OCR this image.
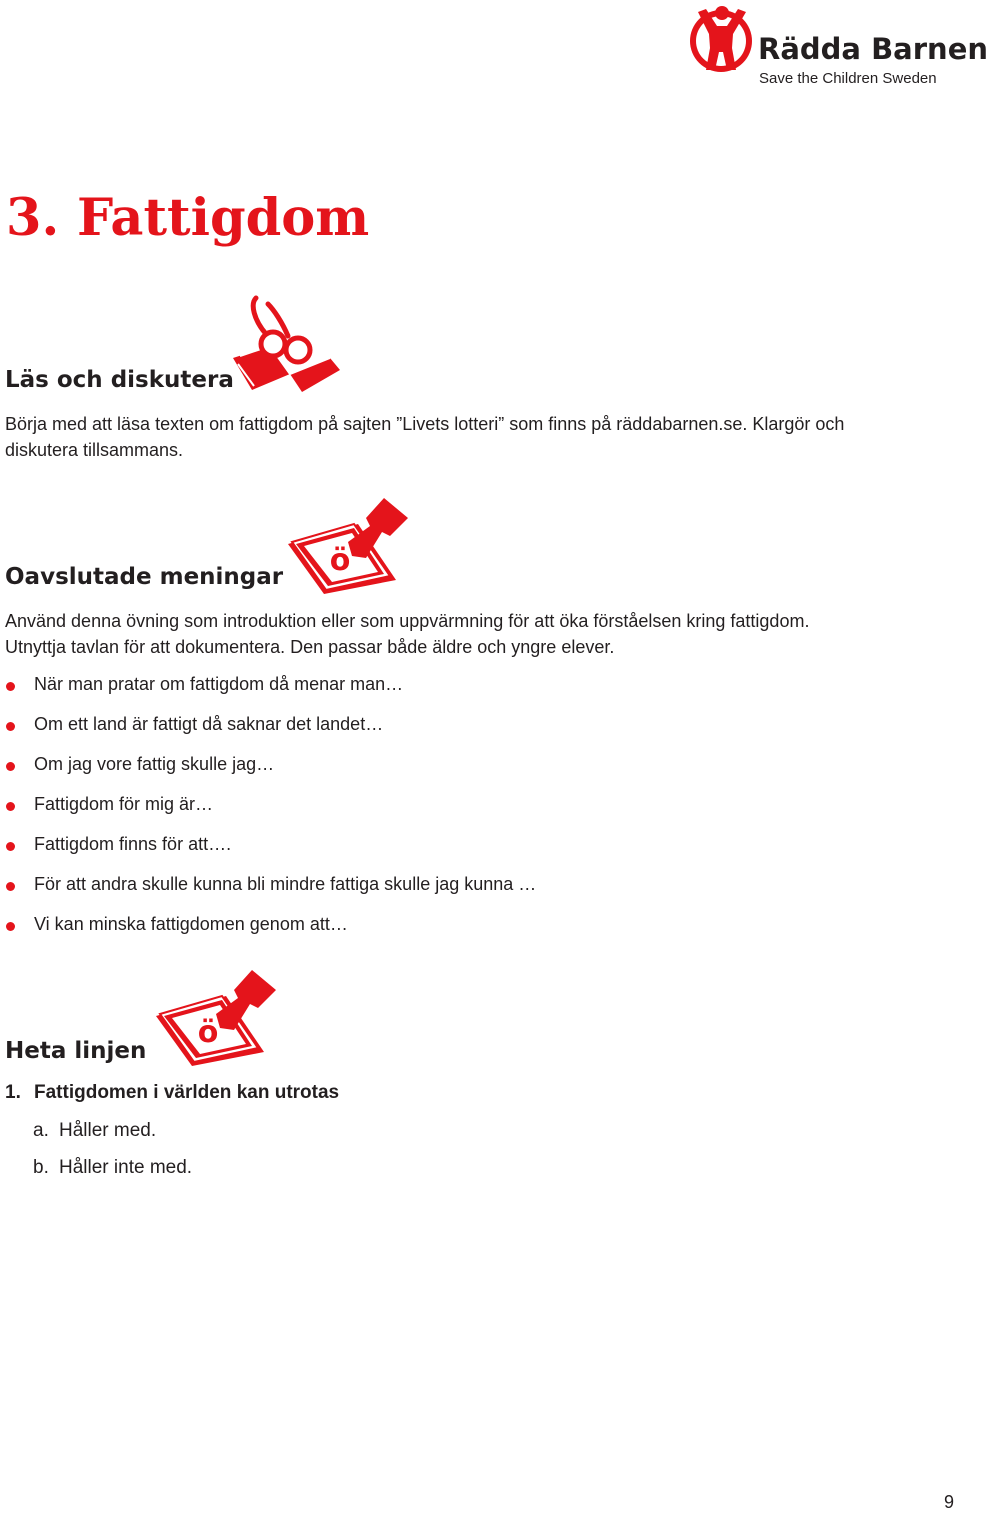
Rädda Barnen
Save the Children Sweden
3. Fattigdom
Läs och diskutera

Börja med att läsa texten om fattigdom på sajten ”Livets lotteri” som finns på räddabarnen.se. Klargör och diskutera tillsammans.

ö
Oavslutade meningar

Använd denna övning som introduktion eller som uppvärmning för att öka förståelsen kring fattigdom. Utnyttja tavlan för att dokumentera. Den passar både äldre och yngre elever.

När man pratar om fattigdom då menar man…
Om ett land är fattigt då saknar det landet…
Om jag vore fattig skulle jag…
Fattigdom för mig är…
Fattigdom finns för att….
För att andra skulle kunna bli mindre fattiga skulle jag kunna …
Vi kan minska fattigdomen genom att…
ö
Heta linjen

1. Fattigdomen i världen kan utrotas

a. Håller med.
b. Håller inte med.
9
